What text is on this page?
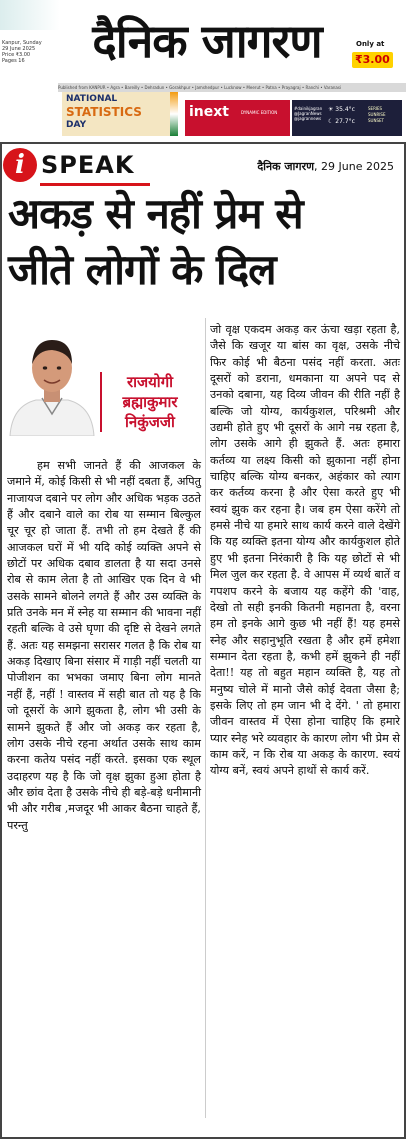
Kanpur, Sunday
29 June 2025
Price ₹3.00
Pages 16	दैनिक जागरण
Published from KANPUR • Agra • Bareilly • Dehradun • Gorakhpur • Jamshedpur • Lucknow • Meerut • Patna • Prayagraj • Ranchi • Varanasi
Only at
₹3.00
NATIONAL
STATISTICS
DAY
inext	DYNAMIC EDITION
#dainikjagran
@JagranNews
@jagrannews
☀ 35.4°c
☾ 27.7°c
SERIES
SUNRISE
SUNSET
i SPEAK	दैनिक जागरण, 29 June 2025
अकड़ से नहीं प्रेम से
जीते लोगों के दिल
राजयोगी
ब्रह्माकुमार
निकुंजजी

हम सभी जानते हैं की आजकल के जमाने में, कोई किसी से भी नहीं दबता हैं, अपितु नाजायज दबाने पर लोग और अधिक भड़क उठते हैं और दबाने वाले का रोब या सम्मान बिल्कुल चूर चूर हो जाता हैं. तभी तो हम देखते हैं की आजकल घरों में भी यदि कोई व्यक्ति अपने से छोटों पर अधिक दबाव डालता है या सदा उनसे रोब से काम लेता है तो आखिर एक दिन वे भी उसके सामने बोलने लगते हैं और उस व्यक्ति के प्रति उनके मन में स्नेह या सम्मान की भावना नहीं रहती बल्कि वे उसे घृणा की दृष्टि से देखने लगते हैं. अतः यह समझना सरासर गलत है कि रोब या अकड़ दिखाए बिना संसार में गाड़ी नहीं चलती या पोजीशन का भभका जमाए बिना लोग मानते नहीं हैं, नहीं ! वास्तव में सही बात तो यह है कि जो दूसरों के आगे झुकता है, लोग भी उसी के सामने झुकते हैं और जो अकड़ कर रहता है, लोग उसके नीचे रहना अर्थात उसके साथ काम करना कतेय पसंद नहीं करते. इसका एक स्थूल उदाहरण यह है कि जो वृक्ष झुका हुआ होता है और छांव देता है उसके नीचे ही बड़े-बड़े धनीमानी भी और गरीब ,मजदूर भी आकर बैठना चाहते हैं, परन्तु

जो वृक्ष एकदम अकड़ कर ऊंचा खड़ा रहता है, जैसे कि खजूर या बांस का वृक्ष, उसके नीचे फिर कोई भी बैठना पसंद नहीं करता. अतः दूसरों को डराना, धमकाना या अपने पद से उनको दबाना, यह दिव्य जीवन की रीति नहीं है बल्कि जो योग्य, कार्यकुशल, परिश्रमी और उद्यमी होते हुए भी दूसरों के आगे नम्र रहता है, लोग उसके आगे ही झुकते हैं. अतः हमारा कर्तव्य या लक्ष्य किसी को झुकाना नहीं होना चाहिए बल्कि योग्य बनकर, अहंकार को त्याग कर कर्तव्य करना है और ऐसा करते हुए भी स्वयं झुक कर रहना है। जब हम ऐसा करेंगे तो हमसे नीचे या हमारे साथ कार्य करने वाले देखेंगे कि यह व्यक्ति इतना योग्य और कार्यकुशल होते हुए भी इतना निरंकारी है कि यह छोटों से भी मिल जुल कर रहता है. वे आपस में व्यर्थ बातें व गपशप करने के बजाय यह कहेंगे की 'वाह, देखो तो सही इनकी कितनी महानता है, वरना हम तो इनके आगे कुछ भी नहीं हैं! यह हमसे स्नेह और सहानुभूति रखता है और हमें हमेशा सम्मान देता रहता है, कभी हमें झुकने ही नहीं देता!! यह तो बहुत महान व्यक्ति है, यह तो मनुष्य चोले में मानो जैसे कोई देवता जैसा है; इसके लिए तो हम जान भी दे देंगे. ' तो हमारा जीवन वास्तव में ऐसा होना चाहिए कि हमारे प्यार स्नेह भरे व्यवहार के कारण लोग भी प्रेम से काम करें, न कि रोब या अकड़ के कारण. स्वयं योग्य बनें, स्वयं अपने हाथों से कार्य करें.
